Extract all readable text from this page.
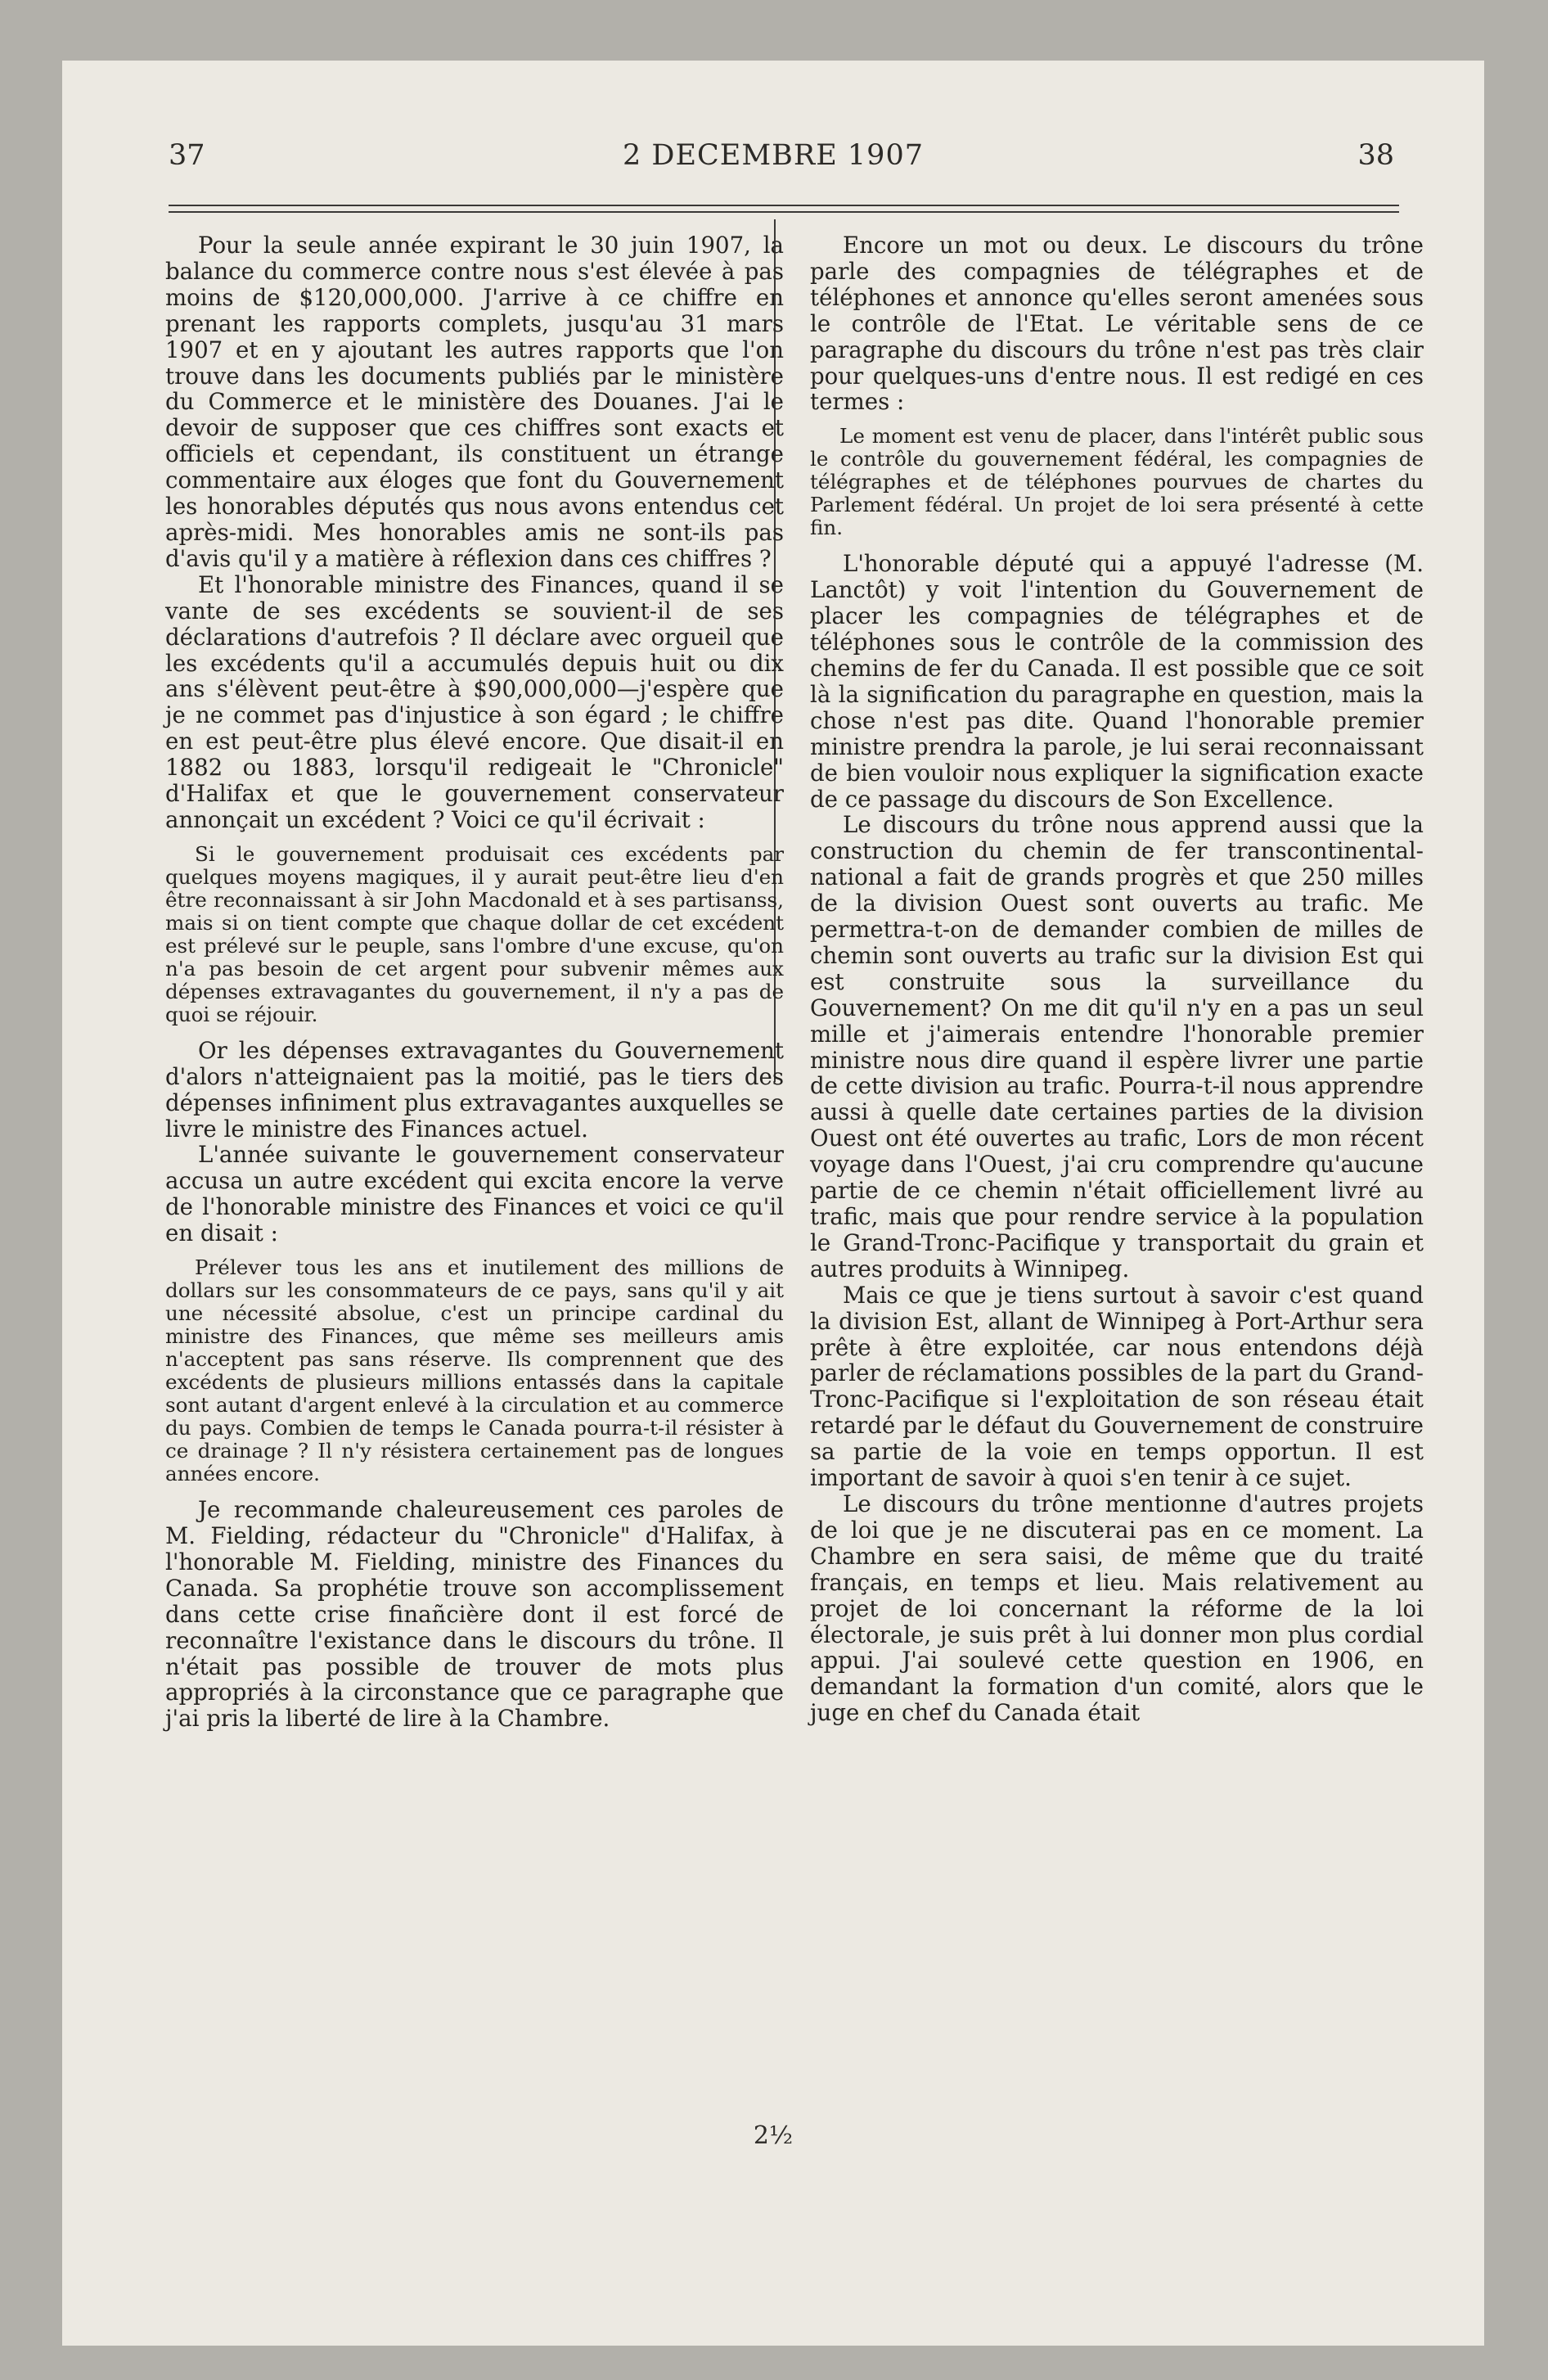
37	2 DECEMBRE 1907	38

Pour la seule année expirant le 30 juin 1907, la balance du commerce contre nous s'est élevée à pas moins de $120,000,000. J'arrive à ce chiffre en prenant les rapports complets, jusqu'au 31 mars 1907 et en y ajoutant les autres rapports que l'on trouve dans les documents publiés par le ministère du Commerce et le ministère des Douanes. J'ai le devoir de supposer que ces chiffres sont exacts et officiels et cependant, ils constituent un étrange commentaire aux éloges que font du Gouvernement les honorables députés qus nous avons entendus cet après-midi. Mes honorables amis ne sont-ils pas d'avis qu'il y a matière à réflexion dans ces chiffres ?

Et l'honorable ministre des Finances, quand il se vante de ses excédents se souvient-il de ses déclarations d'autrefois ? Il déclare avec orgueil que les excédents qu'il a accumulés depuis huit ou dix ans s'élèvent peut-être à $90,000,000—j'espère que je ne commet pas d'injustice à son égard ; le chiffre en est peut-être plus élevé encore. Que disait-il en 1882 ou 1883, lorsqu'il redigeait le "Chronicle" d'Halifax et que le gouvernement conservateur annonçait un excédent ? Voici ce qu'il écrivait :

Si le gouvernement produisait ces excédents par quelques moyens magiques, il y aurait peut-être lieu d'en être reconnaissant à sir John Macdonald et à ses partisanss, mais si on tient compte que chaque dollar de cet excédent est prélevé sur le peuple, sans l'ombre d'une excuse, qu'on n'a pas besoin de cet argent pour subvenir mêmes aux dépenses extravagantes du gouvernement, il n'y a pas de quoi se réjouir.

Or les dépenses extravagantes du Gouvernement d'alors n'atteignaient pas la moitié, pas le tiers des dépenses infiniment plus extravagantes auxquelles se livre le ministre des Finances actuel.

L'année suivante le gouvernement conservateur accusa un autre excédent qui excita encore la verve de l'honorable ministre des Finances et voici ce qu'il en disait :

Prélever tous les ans et inutilement des millions de dollars sur les consommateurs de ce pays, sans qu'il y ait une nécessité absolue, c'est un principe cardinal du ministre des Finances, que même ses meilleurs amis n'acceptent pas sans réserve. Ils comprennent que des excédents de plusieurs millions entassés dans la capitale sont autant d'argent enlevé à la circulation et au commerce du pays. Combien de temps le Canada pourra-t-il résister à ce drainage ? Il n'y résistera certainement pas de longues années encore.

Je recommande chaleureusement ces paroles de M. Fielding, rédacteur du "Chronicle" d'Halifax, à l'honorable M. Fielding, ministre des Finances du Canada. Sa prophétie trouve son accomplissement dans cette crise finañcière dont il est forcé de reconnaître l'existance dans le discours du trône. Il n'était pas possible de trouver de mots plus appropriés à la circonstance que ce paragraphe que j'ai pris la liberté de lire à la Chambre.

Encore un mot ou deux. Le discours du trône parle des compagnies de télégraphes et de téléphones et annonce qu'elles seront amenées sous le contrôle de l'Etat. Le véritable sens de ce paragraphe du discours du trône n'est pas très clair pour quelques-uns d'entre nous. Il est redigé en ces termes :

Le moment est venu de placer, dans l'intérêt public sous le contrôle du gouvernement fédéral, les compagnies de télégraphes et de téléphones pourvues de chartes du Parlement fédéral. Un projet de loi sera présenté à cette fin.

L'honorable député qui a appuyé l'adresse (M. Lanctôt) y voit l'intention du Gouvernement de placer les compagnies de télégraphes et de téléphones sous le contrôle de la commission des chemins de fer du Canada. Il est possible que ce soit là la signification du paragraphe en question, mais la chose n'est pas dite. Quand l'honorable premier ministre prendra la parole, je lui serai reconnaissant de bien vouloir nous expliquer la signification exacte de ce passage du discours de Son Excellence.

Le discours du trône nous apprend aussi que la construction du chemin de fer transcontinental-national a fait de grands progrès et que 250 milles de la division Ouest sont ouverts au trafic. Me permettra-t-on de demander combien de milles de chemin sont ouverts au trafic sur la division Est qui est construite sous la surveillance du Gouvernement? On me dit qu'il n'y en a pas un seul mille et j'aimerais entendre l'honorable premier ministre nous dire quand il espère livrer une partie de cette division au trafic. Pourra-t-il nous apprendre aussi à quelle date certaines parties de la division Ouest ont été ouvertes au trafic, Lors de mon récent voyage dans l'Ouest, j'ai cru comprendre qu'aucune partie de ce chemin n'était officiellement livré au trafic, mais que pour rendre service à la population le Grand-Tronc-Pacifique y transportait du grain et autres produits à Winnipeg.

Mais ce que je tiens surtout à savoir c'est quand la division Est, allant de Winnipeg à Port-Arthur sera prête à être exploitée, car nous entendons déjà parler de réclamations possibles de la part du Grand-Tronc-Pacifique si l'exploitation de son réseau était retardé par le défaut du Gouvernement de construire sa partie de la voie en temps opportun. Il est important de savoir à quoi s'en tenir à ce sujet.

Le discours du trône mentionne d'autres projets de loi que je ne discuterai pas en ce moment. La Chambre en sera saisi, de même que du traité français, en temps et lieu. Mais relativement au projet de loi concernant la réforme de la loi électorale, je suis prêt à lui donner mon plus cordial appui. J'ai soulevé cette question en 1906, en demandant la formation d'un comité, alors que le juge en chef du Canada était

2½
